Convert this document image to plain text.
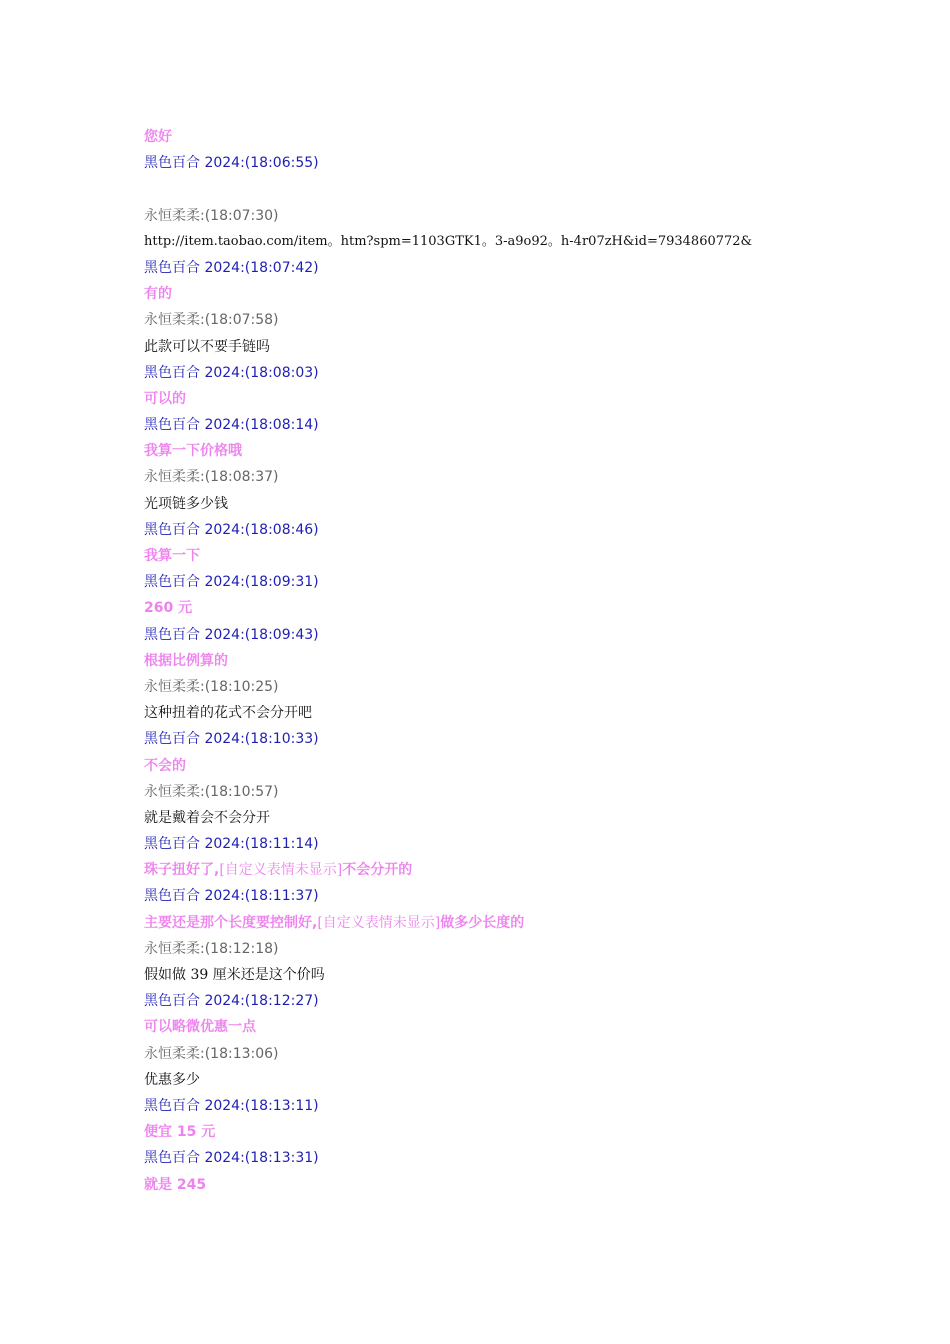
您好
黑色百合 2024:(18:06:55)
永恒柔柔:(18:07:30)
http://item.taobao.com/item。htm?spm=1103GTK1。3-a9o92。h-4r07zH&id=7934860772&
黑色百合 2024:(18:07:42)
有的
永恒柔柔:(18:07:58)
此款可以不要手链吗
黑色百合 2024:(18:08:03)
可以的
黑色百合 2024:(18:08:14)
我算一下价格哦
永恒柔柔:(18:08:37)
光项链多少钱
黑色百合 2024:(18:08:46)
我算一下
黑色百合 2024:(18:09:31)
260 元
黑色百合 2024:(18:09:43)
根据比例算的
永恒柔柔:(18:10:25)
这种扭着的花式不会分开吧
黑色百合 2024:(18:10:33)
不会的
永恒柔柔:(18:10:57)
就是戴着会不会分开
黑色百合 2024:(18:11:14)
珠子扭好了,[自定义表情未显示]不会分开的
黑色百合 2024:(18:11:37)
主要还是那个长度要控制好,[自定义表情未显示]做多少长度的
永恒柔柔:(18:12:18)
假如做 39 厘米还是这个价吗
黑色百合 2024:(18:12:27)
可以略微优惠一点
永恒柔柔:(18:13:06)
优惠多少
黑色百合 2024:(18:13:11)
便宜 15 元
黑色百合 2024:(18:13:31)
就是 245
